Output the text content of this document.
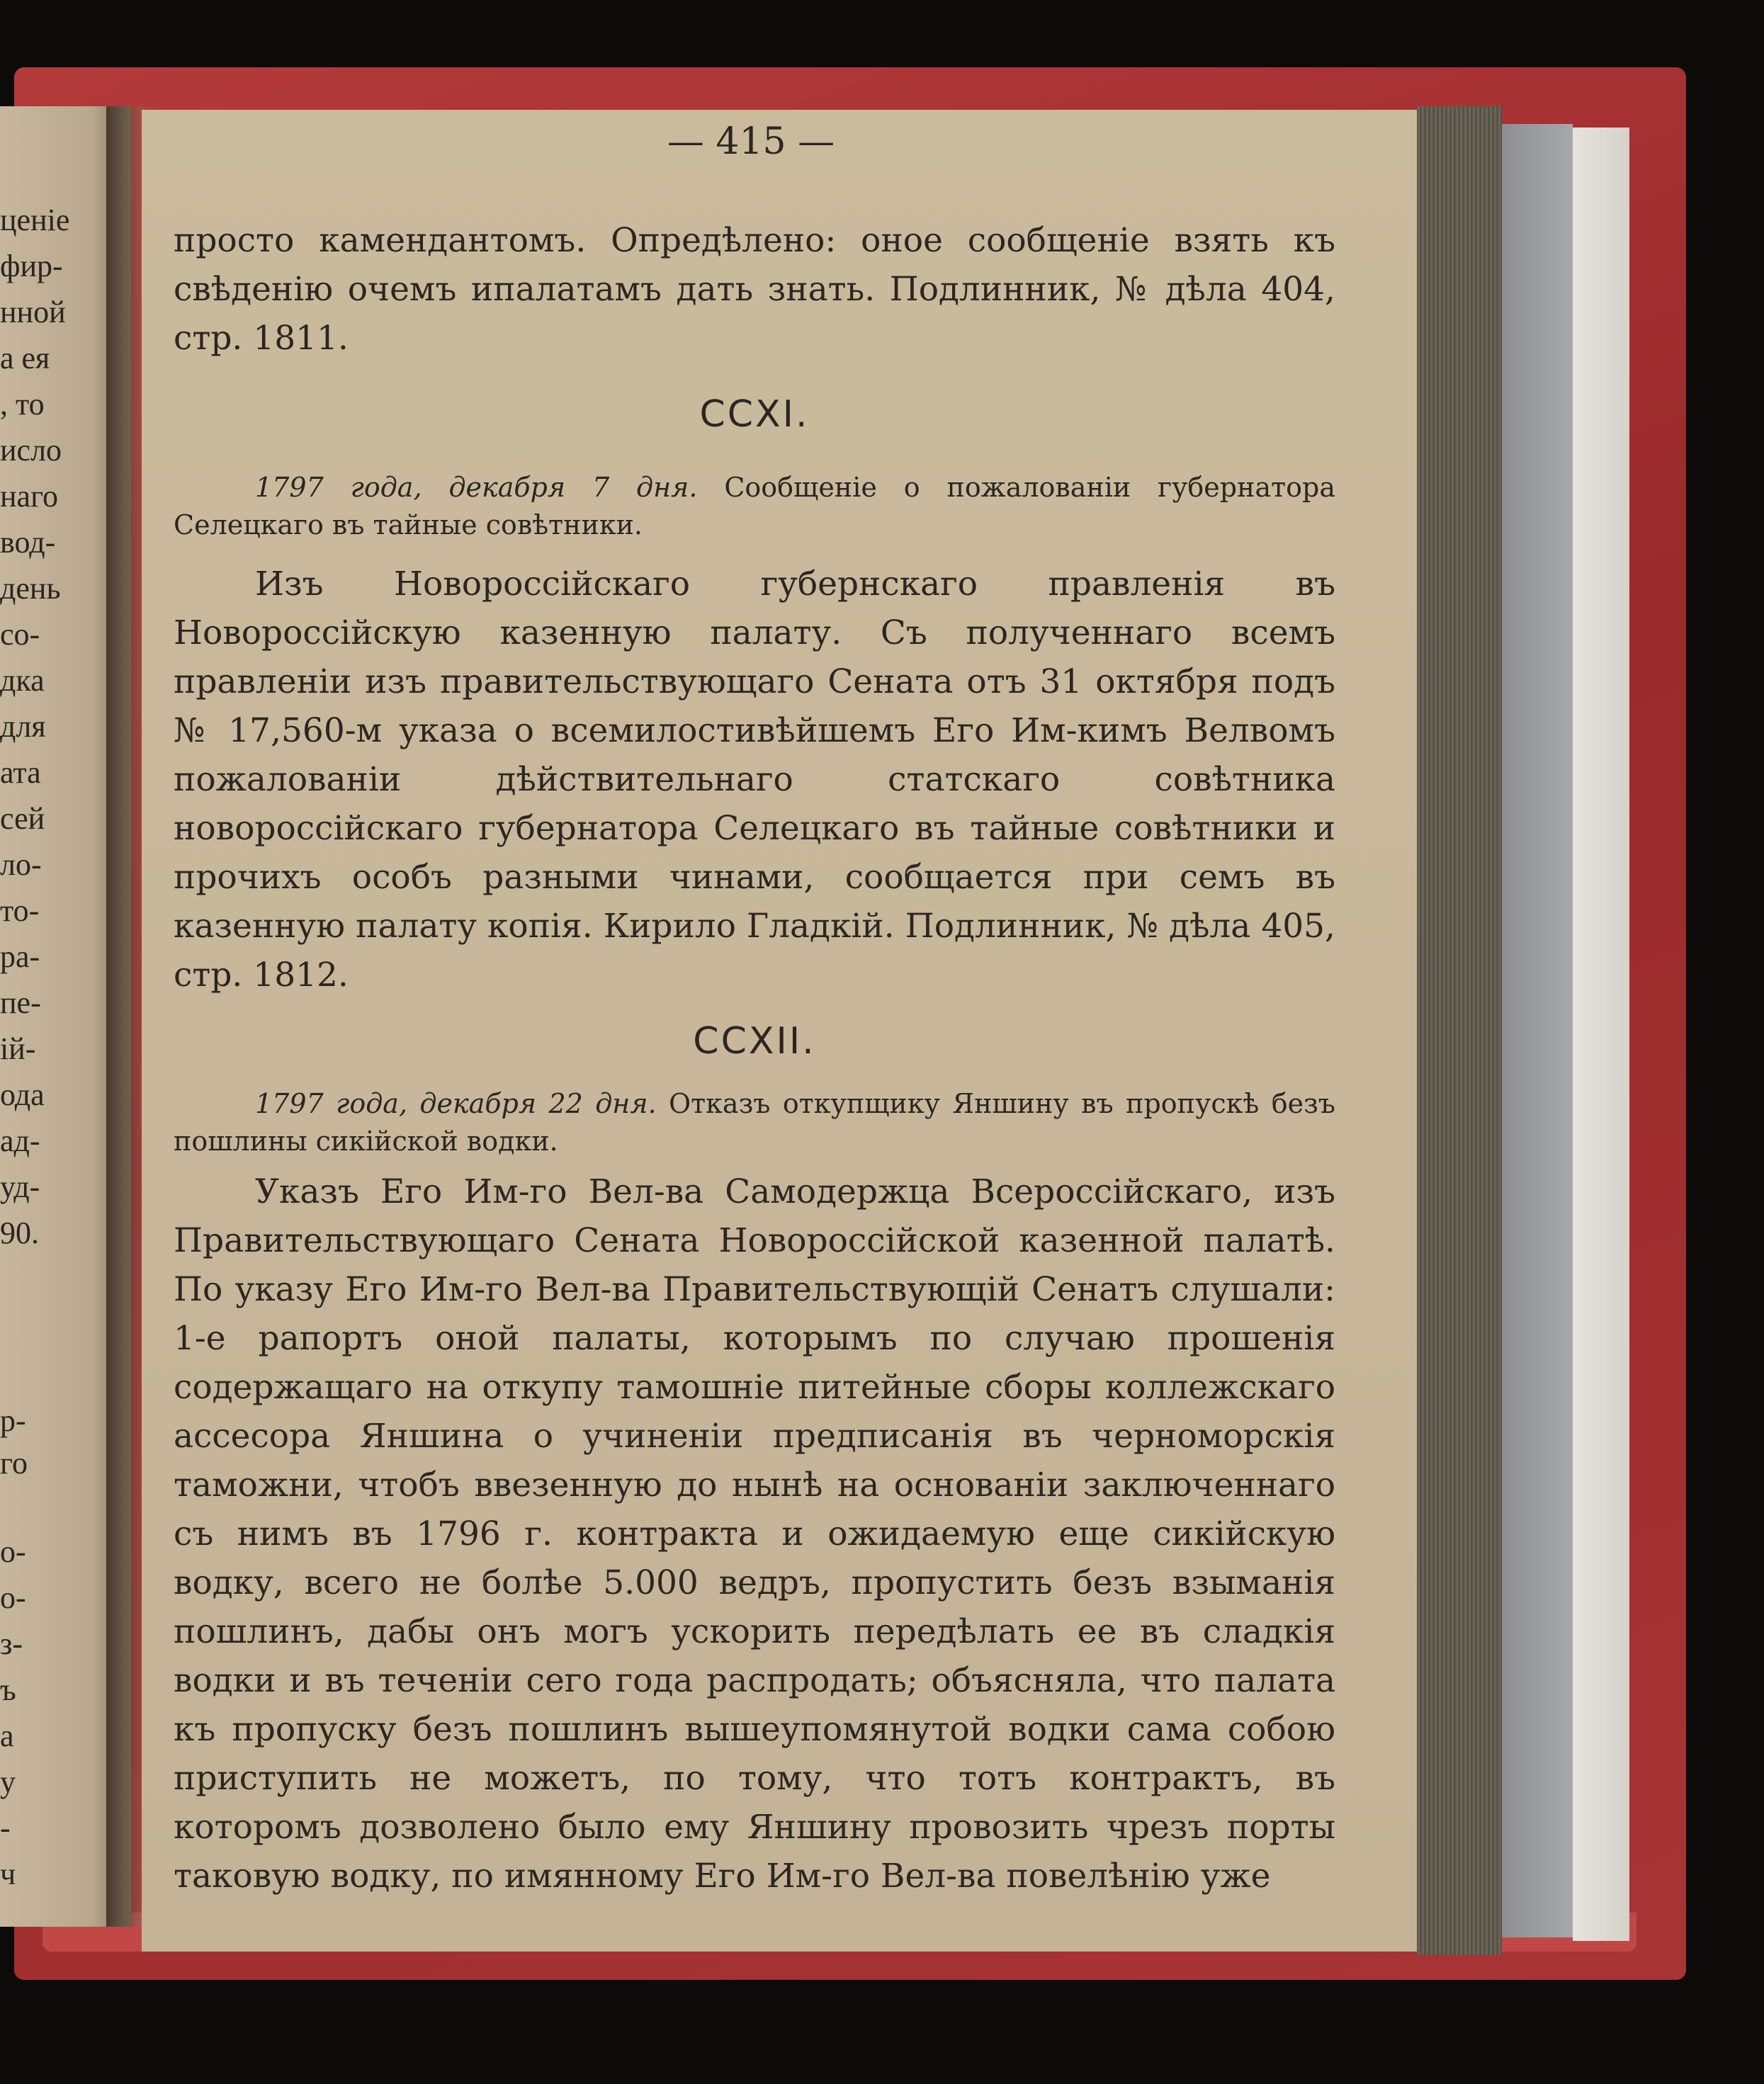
ценіе

фир-

нной

а ея

, то

исло

наго

вод-

день

со-

дка

для

ата

сей

ло-

то-

ра-

пе-

ій-

ода

ад-

уд-

90.

р-

го

о-

о-

з-

ъ

а

у

-

ч

— 415 —

просто камендантомъ. Опредѣлено: оное сообщеніе взять къ свѣденію очемъ ипалатамъ дать знать. Подлинник, № дѣла 404, стр. 1811.

CCXI.

1797 года, декабря 7 дня. Сообщеніе о пожалованіи губернатора Селецкаго въ тайные совѣтники.

Изъ Новороссійскаго губернскаго правленія въ Новороссійскую казенную палату. Съ полученнаго всемъ правленіи изъ правительствующаго Сената отъ 31 октября подъ № 17,560-м указа о всемилостивѣйшемъ Его Им-кимъ Велвомъ пожалованіи дѣйствительнаго статскаго совѣтника новороссійскаго губернатора Селецкаго въ тайные совѣтники и прочихъ особъ разными чинами, сообщается при семъ въ казенную палату копія. Кирило Гладкій. Подлинник, № дѣла 405, стр. 1812.

CCXII.

1797 года, декабря 22 дня. Отказъ откупщику Яншину въ пропускѣ безъ пошлины сикійской водки.

Указъ Его Им-го Вел-ва Самодержца Всероссійскаго, изъ Правительствующаго Сената Новороссійской казенной палатѣ. По указу Его Им-го Вел-ва Правительствующій Сенатъ слушали: 1-е рапортъ оной палаты, которымъ по случаю прошенія содержащаго на откупу тамошніе питейные сборы коллежскаго ассесора Яншина о учиненіи предписанія въ черноморскія таможни, чтобъ ввезенную до нынѣ на основаніи заключеннаго съ нимъ въ 1796 г. контракта и ожидаемую еще сикійскую водку, всего не болѣе 5.000 ведръ, пропустить безъ взыманія пошлинъ, дабы онъ могъ ускорить передѣлать ее въ сладкія водки и въ теченіи сего года распродать; объясняла, что палата къ пропуску безъ пошлинъ вышеупомянутой водки сама собою приступить не можетъ, по тому, что тотъ контрактъ, въ которомъ дозволено было ему Яншину провозить чрезъ порты таковую водку, по имянному Его Им-го Вел-ва повелѣнію уже
